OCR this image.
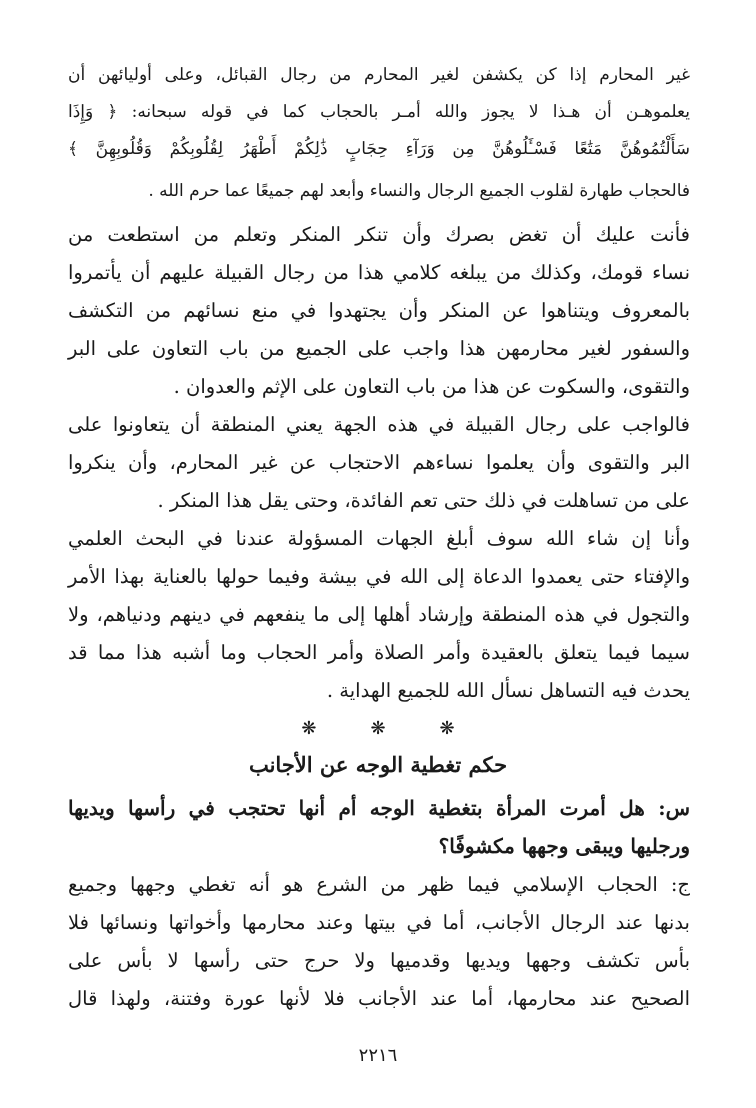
غير المحارم إذا كن يكشفن لغير المحارم من رجال القبائل، وعلى أوليائهن أن

يعلموهـن أن هـذا لا يجوز والله أمـر بالحجاب كما في قوله سبحانه: ﴿ وَإِذَا

سَأَلْتُمُوهُنَّ مَتَٰعًا فَسْـَٔلُوهُنَّ مِن وَرَآءِ حِجَابٍ ذَٰلِكُمْ أَطْهَرُ لِقُلُوبِكُمْ وَقُلُوبِهِنَّ ﴾

فالحجاب طهارة لقلوب الجميع الرجال والنساء وأبعد لهم جميعًا عما حرم الله .

فأنت عليك أن تغض بصرك وأن تنكر المنكر وتعلم من استطعت من

نساء قومك، وكذلك من يبلغه كلامي هذا من رجال القبيلة عليهم أن يأتمروا

بالمعروف ويتناهوا عن المنكر وأن يجتهدوا في منع نسائهم من التكشف

والسفور لغير محارمهن هذا واجب على الجميع من باب التعاون على البر

والتقوى، والسكوت عن هذا من باب التعاون على الإثم والعدوان .

فالواجب على رجال القبيلة في هذه الجهة يعني المنطقة أن يتعاونوا على

البر والتقوى وأن يعلموا نساءهم الاحتجاب عن غير المحارم، وأن ينكروا

على من تساهلت في ذلك حتى تعم الفائدة، وحتى يقل هذا المنكر .

وأنا إن شاء الله سوف أبلغ الجهات المسؤولة عندنا في البحث العلمي

والإفتاء حتى يعمدوا الدعاة إلى الله في بيشة وفيما حولها بالعناية بهذا الأمر

والتجول في هذه المنطقة وإرشاد أهلها إلى ما ينفعهم في دينهم ودنياهم، ولا

سيما فيما يتعلق بالعقيدة وأمر الصلاة وأمر الحجاب وما أشبه هذا مما قد

يحدث فيه التساهل نسأل الله للجميع الهداية .

❋	❋	❋
حكم تغطية الوجه عن الأجانب

س: هل أمرت المرأة بتغطية الوجه أم أنها تحتجب في رأسها ويديها

ورجليها ويبقى وجهها مكشوفًا؟

ج: الحجاب الإسلامي فيما ظهر من الشرع هو أنه تغطي وجهها وجميع

بدنها عند الرجال الأجانب، أما في بيتها وعند محارمها وأخواتها ونسائها فلا

بأس تكشف وجهها ويديها وقدميها ولا حرج حتى رأسها لا بأس على

الصحيح عند محارمها، أما عند الأجانب فلا لأنها عورة وفتنة، ولهذا قال

٢٢١٦
